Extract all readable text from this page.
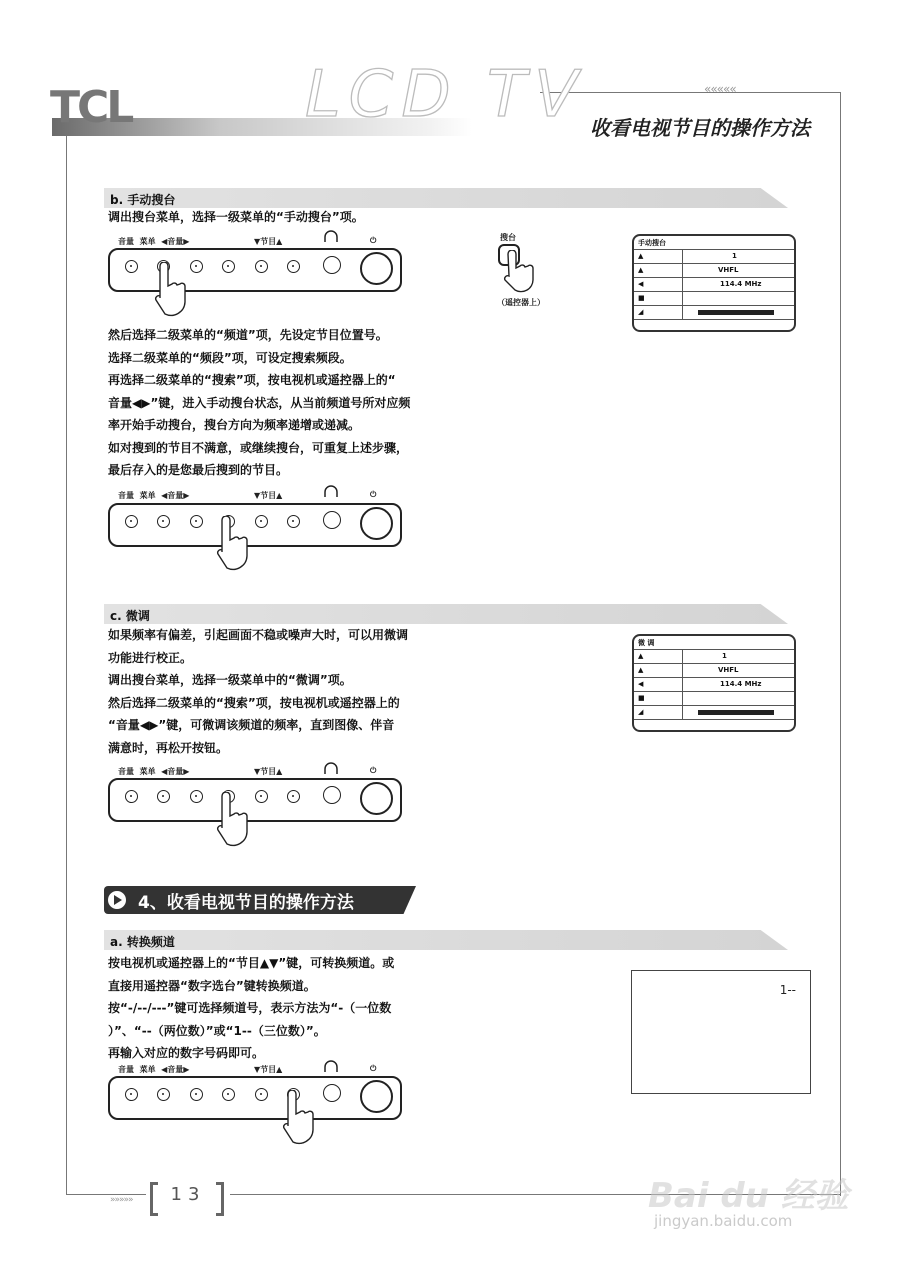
TCL	LCD TV	«««««
收看电视节目的操作方法
b. 手动搜台
调出搜台菜单，选择一级菜单的“手动搜台”项。
音量  菜单  ◀音量▶	▼节目▲	⏻	搜台
（遥控器上）
手动搜台
▲	1
▲	VHFL
◀	114.4 MHz
■
◢
然后选择二级菜单的“频道”项，先设定节目位置号。
选择二级菜单的“频段”项，可设定搜索频段。
再选择二级菜单的“搜索”项，按电视机或遥控器上的“
音量◀▶”键，进入手动搜台状态，从当前频道号所对应频
率开始手动搜台，搜台方向为频率递增或递减。
如对搜到的节目不满意，或继续搜台，可重复上述步骤，
最后存入的是您最后搜到的节目。
音量  菜单  ◀音量▶	▼节目▲	⏻
c. 微调
如果频率有偏差，引起画面不稳或噪声大时，可以用微调
功能进行校正。
调出搜台菜单，选择一级菜单中的“微调”项。
然后选择二级菜单的“搜索”项，按电视机或遥控器上的
“音量◀▶”键，可微调该频道的频率，直到图像、伴音
满意时，再松开按钮。
微 调
▲	1
▲	VHFL
◀	114.4 MHz
■
◢
音量  菜单  ◀音量▶	▼节目▲	⏻
4、收看电视节目的操作方法
a. 转换频道
按电视机或遥控器上的“节目▲▼”键，可转换频道。或
直接用遥控器“数字选台”键转换频道。
按“-/--/---”键可选择频道号，表示方法为“-（一位数
）”、“--（两位数）”或“1--（三位数）”。
再输入对应的数字号码即可。
1--
音量  菜单  ◀音量▶	▼节目▲	⏻
»»»»»	13	Bai du 经验
jingyan.baidu.com
